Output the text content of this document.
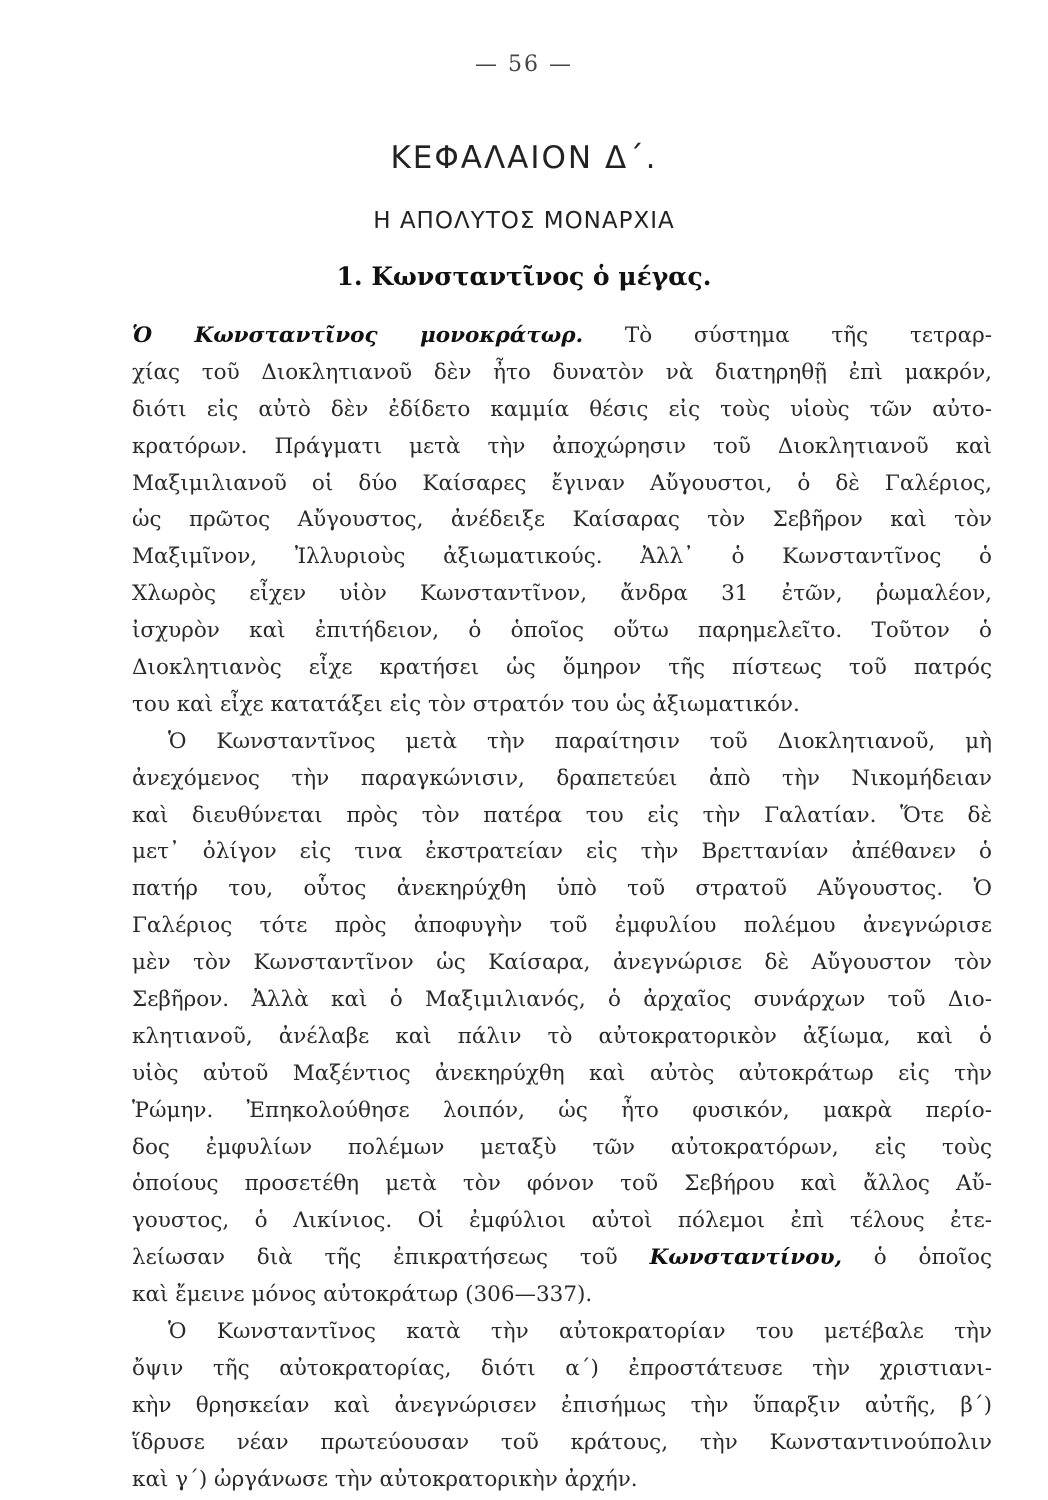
— 56 —
ΚΕΦΑΛΑΙΟΝ Δ΄.
Η ΑΠΟΛΥΤΟΣ ΜΟΝΑΡΧΙΑ
1. Κωνσταντῖνος ὁ μέγας.
Ὁ Κωνσταντῖνος μονοκράτωρ. Τὸ σύστημα τῆς τετραρ-
χίας τοῦ Διοκλητιανοῦ δὲν ἦτο δυνατὸν νὰ διατηρηθῇ ἐπὶ μακρόν,
διότι εἰς αὐτὸ δὲν ἐδίδετο καμμία θέσις εἰς τοὺς υἱοὺς τῶν αὐτο-
κρατόρων. Πράγματι μετὰ τὴν ἀποχώρησιν τοῦ Διοκλητιανοῦ καὶ
Μαξιμιλιανοῦ οἱ δύο Καίσαρες ἔγιναν Αὔγουστοι, ὁ δὲ Γαλέριος,
ὡς πρῶτος Αὔγουστος, ἀνέδειξε Καίσαρας τὸν Σεβῆρον καὶ τὸν
Μαξιμῖνον, Ἰλλυριοὺς ἀξιωματικούς. Ἀλλ᾽ ὁ Κωνσταντῖνος ὁ
Χλωρὸς εἶχεν υἱὸν Κωνσταντῖνον, ἄνδρα 31 ἐτῶν, ῥωμαλέον,
ἰσχυρὸν καὶ ἐπιτήδειον, ὁ ὁποῖος οὕτω παρημελεῖτο. Τοῦτον ὁ
Διοκλητιανὸς εἶχε κρατήσει ὡς ὅμηρον τῆς πίστεως τοῦ πατρός
του καὶ εἶχε κατατάξει εἰς τὸν στρατόν του ὡς ἀξιωματικόν.
Ὁ Κωνσταντῖνος μετὰ τὴν παραίτησιν τοῦ Διοκλητιανοῦ, μὴ
ἀνεχόμενος τὴν παραγκώνισιν, δραπετεύει ἀπὸ τὴν Νικομήδειαν
καὶ διευθύνεται πρὸς τὸν πατέρα του εἰς τὴν Γαλατίαν. Ὅτε δὲ
μετ᾽ ὀλίγον εἰς τινα ἐκστρατείαν εἰς τὴν Βρεττανίαν ἀπέθανεν ὁ
πατήρ του, οὗτος ἀνεκηρύχθη ὑπὸ τοῦ στρατοῦ Αὔγουστος. Ὁ
Γαλέριος τότε πρὸς ἀποφυγὴν τοῦ ἐμφυλίου πολέμου ἀνεγνώρισε
μὲν τὸν Κωνσταντῖνον ὡς Καίσαρα, ἀνεγνώρισε δὲ Αὔγουστον τὸν
Σεβῆρον. Ἀλλὰ καὶ ὁ Μαξιμιλιανός, ὁ ἀρχαῖος συνάρχων τοῦ Διο-
κλητιανοῦ, ἀνέλαβε καὶ πάλιν τὸ αὐτοκρατορικὸν ἀξίωμα, καὶ ὁ
υἱὸς αὐτοῦ Μαξέντιος ἀνεκηρύχθη καὶ αὐτὸς αὐτοκράτωρ εἰς τὴν
Ῥώμην. Ἐπηκολούθησε λοιπόν, ὡς ἦτο φυσικόν, μακρὰ περίο-
δος ἐμφυλίων πολέμων μεταξὺ τῶν αὐτοκρατόρων, εἰς τοὺς
ὁποίους προσετέθη μετὰ τὸν φόνον τοῦ Σεβήρου καὶ ἄλλος Αὔ-
γουστος, ὁ Λικίνιος. Οἱ ἐμφύλιοι αὐτοὶ πόλεμοι ἐπὶ τέλους ἐτε-
λείωσαν διὰ τῆς ἐπικρατήσεως τοῦ Κωνσταντίνου, ὁ ὁποῖος
καὶ ἔμεινε μόνος αὐτοκράτωρ (306—337).
Ὁ Κωνσταντῖνος κατὰ τὴν αὐτοκρατορίαν του μετέβαλε τὴν
ὄψιν τῆς αὐτοκρατορίας, διότι α΄) ἐπροστάτευσε τὴν χριστιανι-
κὴν θρησκείαν καὶ ἀνεγνώρισεν ἐπισήμως τὴν ὕπαρξιν αὐτῆς, β΄)
ἵδρυσε νέαν πρωτεύουσαν τοῦ κράτους, τὴν Κωνσταντινούπολιν
καὶ γ΄) ὠργάνωσε τὴν αὐτοκρατορικὴν ἀρχήν.
